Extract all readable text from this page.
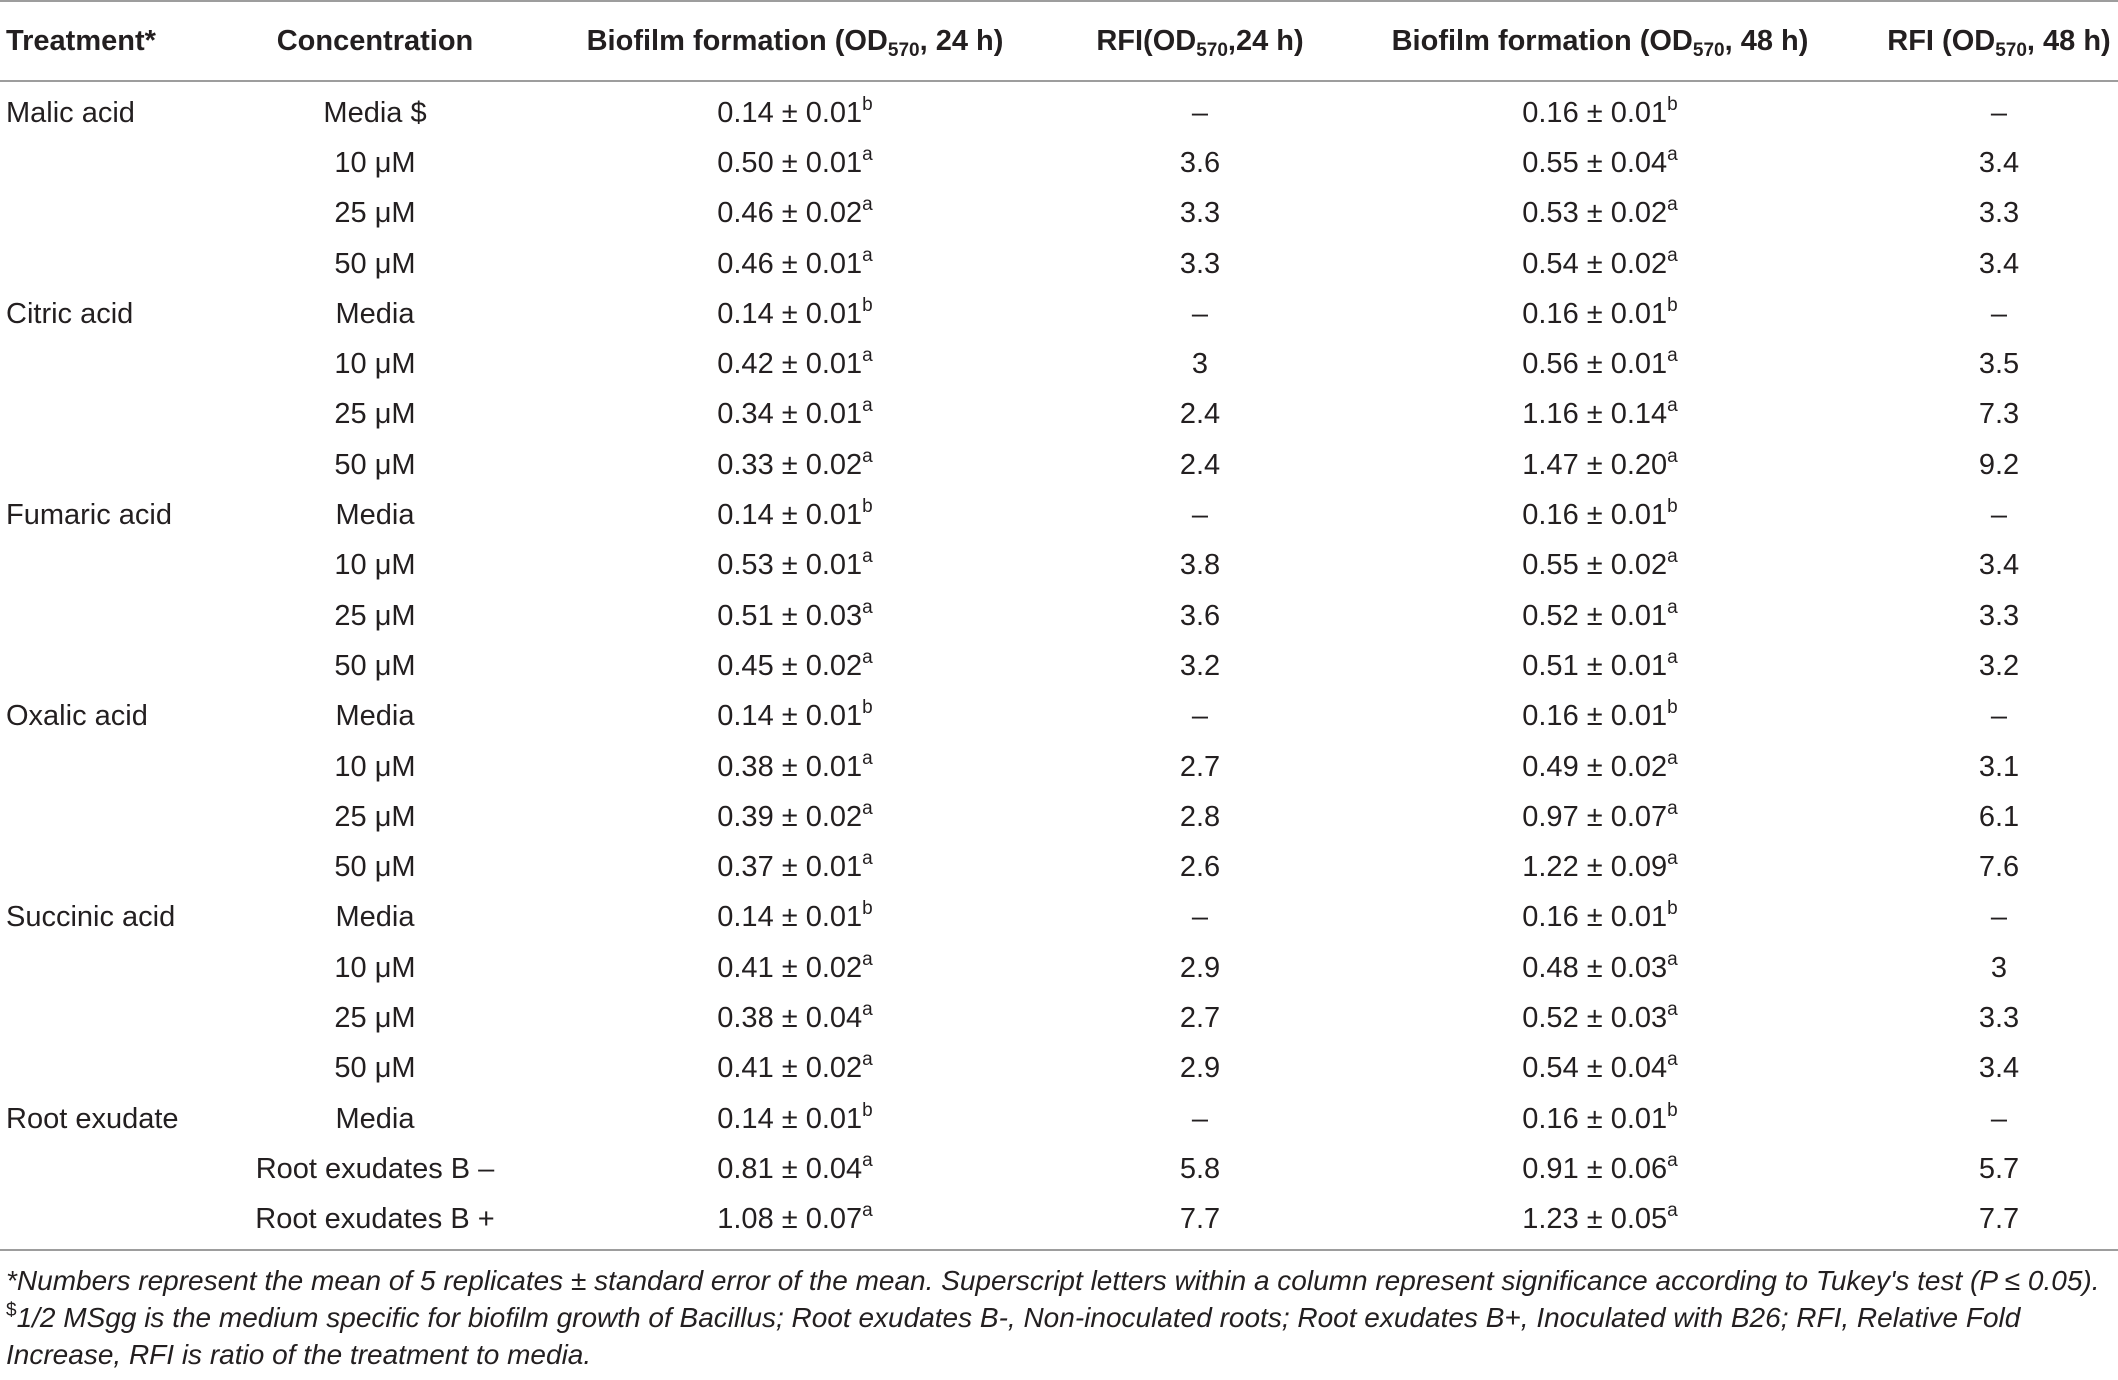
Treatment*	Concentration	Biofilm formation ($OD_{570}$, 24 h)	$RFI(OD_{570},24$ h)	Biofilm formation ($OD_{570}$, 48 h)	RFI ($OD_{570}$, 48 h)
Malic acid	Media $	0.14 ± 0.01$^b$	–	0.16 ± 0.01$^b$	–
	10 μM	0.50 ± 0.01$^a$	3.6	0.55 ± 0.04$^a$	3.4
	25 μM	0.46 ± 0.02$^a$	3.3	0.53 ± 0.02$^a$	3.3
	50 μM	0.46 ± 0.01$^a$	3.3	0.54 ± 0.02$^a$	3.4
Citric acid	Media	0.14 ± 0.01$^b$	–	0.16 ± 0.01$^b$	–
	10 μM	0.42 ± 0.01$^a$	3	0.56 ± 0.01$^a$	3.5
	25 μM	0.34 ± 0.01$^a$	2.4	1.16 ± 0.14$^a$	7.3
	50 μM	0.33 ± 0.02$^a$	2.4	1.47 ± 0.20$^a$	9.2
Fumaric acid	Media	0.14 ± 0.01$^b$	–	0.16 ± 0.01$^b$	–
	10 μM	0.53 ± 0.01$^a$	3.8	0.55 ± 0.02$^a$	3.4
	25 μM	0.51 ± 0.03$^a$	3.6	0.52 ± 0.01$^a$	3.3
	50 μM	0.45 ± 0.02$^a$	3.2	0.51 ± 0.01$^a$	3.2
Oxalic acid	Media	0.14 ± 0.01$^b$	–	0.16 ± 0.01$^b$	–
	10 μM	0.38 ± 0.01$^a$	2.7	0.49 ± 0.02$^a$	3.1
	25 μM	0.39 ± 0.02$^a$	2.8	0.97 ± 0.07$^a$	6.1
	50 μM	0.37 ± 0.01$^a$	2.6	1.22 ± 0.09$^a$	7.6
Succinic acid	Media	0.14 ± 0.01$^b$	–	0.16 ± 0.01$^b$	–
	10 μM	0.41 ± 0.02$^a$	2.9	0.48 ± 0.03$^a$	3
	25 μM	0.38 ± 0.04$^a$	2.7	0.52 ± 0.03$^a$	3.3
	50 μM	0.41 ± 0.02$^a$	2.9	0.54 ± 0.04$^a$	3.4
Root exudate	Media	0.14 ± 0.01$^b$	–	0.16 ± 0.01$^b$	–
	Root exudates B –	0.81 ± 0.04$^a$	5.8	0.91 ± 0.06$^a$	5.7
	Root exudates B +	1.08 ± 0.07$^a$	7.7	1.23 ± 0.05$^a$	7.7

*Numbers represent the mean of 5 replicates ± standard error of the mean. Superscript letters within a column represent significance according to Tukey's test (P ≤ 0.05).

$1/2 MSgg is the medium specific for biofilm growth of Bacillus; Root exudates B-, Non-inoculated roots; Root exudates B+, Inoculated with B26; RFI, Relative Fold Increase, RFI is ratio of the treatment to media.
